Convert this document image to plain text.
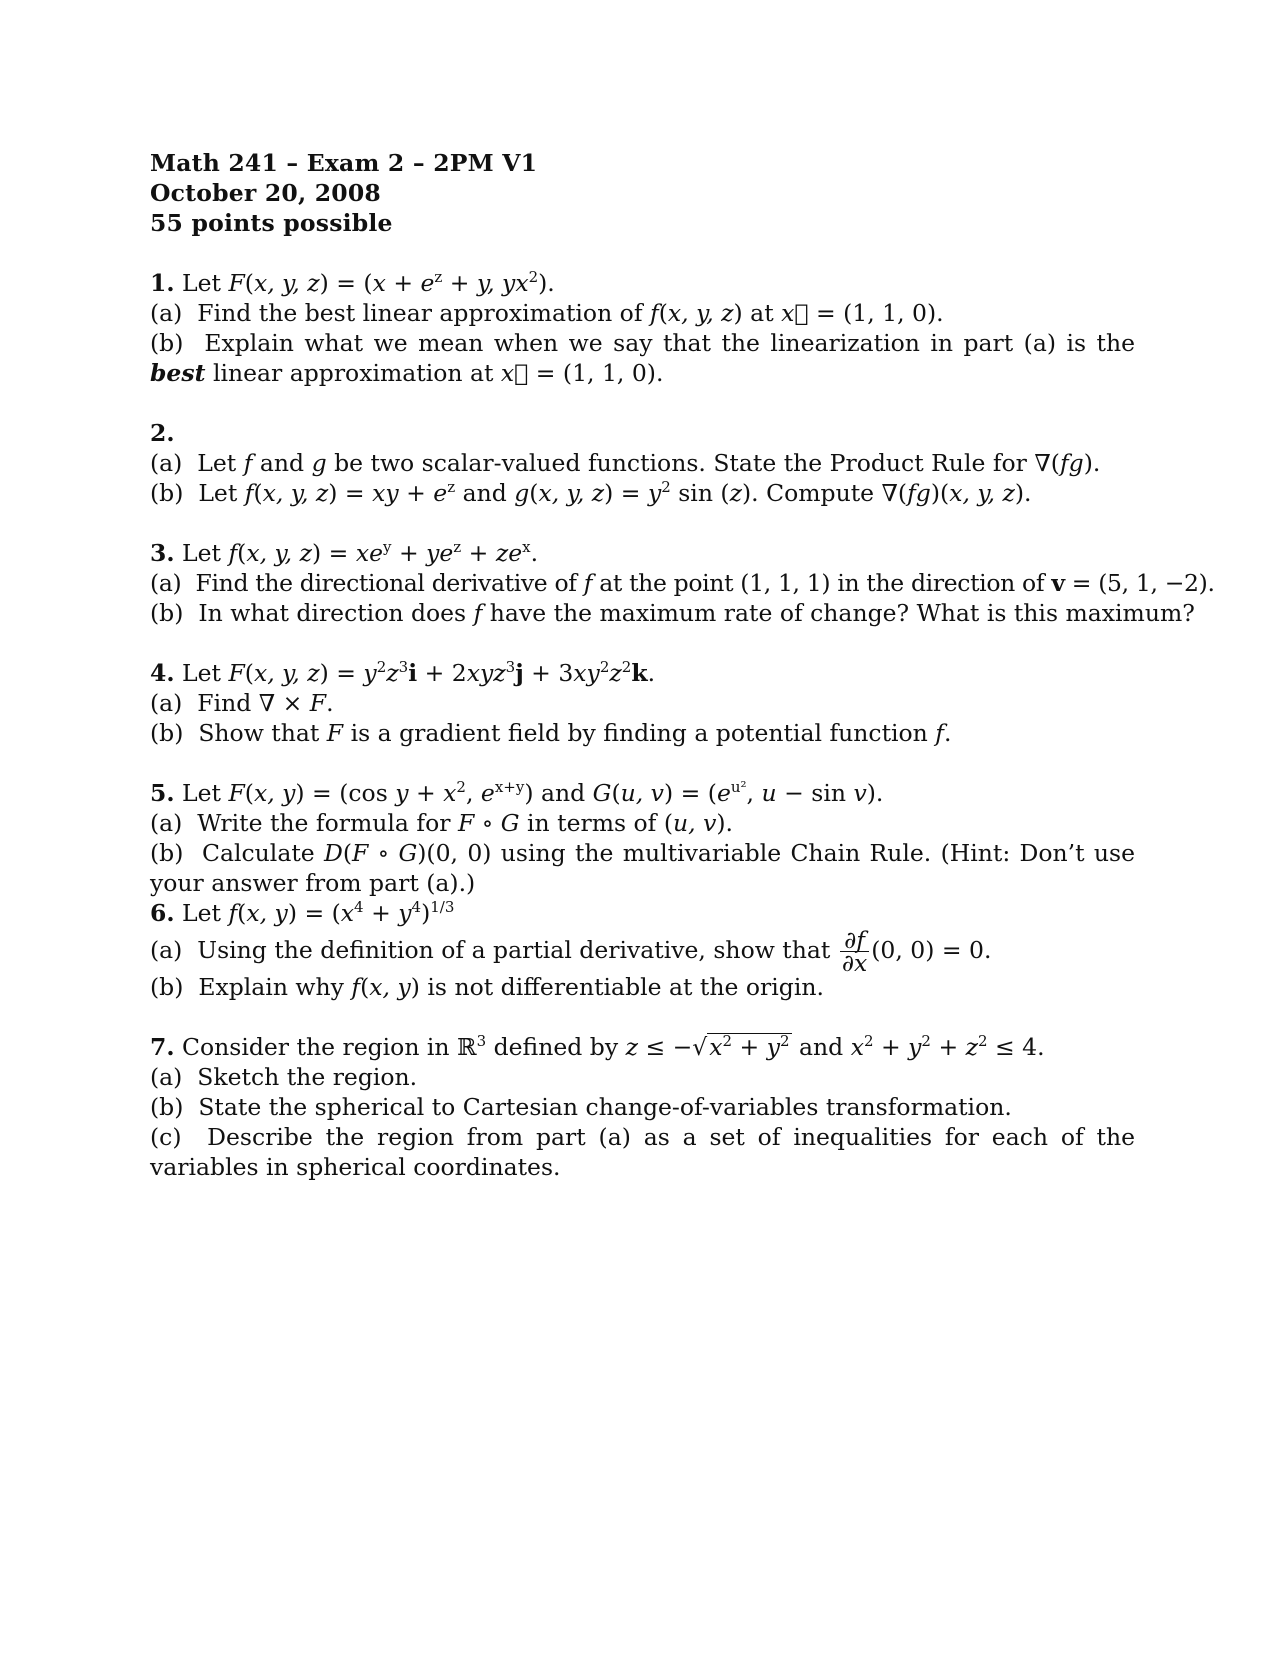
Math 241 – Exam 2 – 2PM V1
October 20, 2008
55 points possible
1. Let F(x, y, $z) = (x + e^z + y$, $yx^2$).
(a)  Find the best linear approximation of f(x, y, z) at x⃗ = (1, 1, 0).
(b)  Explain what we mean when we say that the linearization in part (a) is the best linear approximation at x⃗ = (1, 1, 0).
2.
(a)  Let f and g be two scalar-valued functions. State the Product Rule for ∇(fg).
(b)  Let f(x, y, z) = xy + $e^z$ and g(x, y, $z) = y^2$ sin (z). Compute ∇(fg)(x, y, z).
3. Let f(x, y, $z) = xe^y + ye^z + ze^x$.
(a)  Find the directional derivative of f at the point (1, 1, 1) in the direction of v = (5, 1, −2).
(b)  In what direction does f have the maximum rate of change? What is this maximum?
4. Let F(x, y, $z) = y^2z^3i + 2xyz^3j + 3xy^2z^2k$.
(a)  Find ∇ × F.
(b)  Show that F is a gradient field by finding a potential function f.
5. Let F(x, y) = (cos $y + x^2$, $e^{x+y}$) and G(u, $v) = (e^{u^2}$, u − sin v).
(a)  Write the formula for F ∘ G in terms of (u, v).
(b)  Calculate D(F ∘ G)(0, 0) using the multivariable Chain Rule. (Hint: Don’t use your answer from part (a).)
6. Let f(x, $y) = (x^4 + y^4)^{1/3}$
(a)  Using the definition of a partial derivative, show that $\frac{\partial f}{\partial x} (0$, 0) = 0.
(b)  Explain why f(x, y) is not differentiable at the origin.
7. Consider the region in ℝ$^3$ defined by $z \le -√x^2 + y^2$ and $x^2 + y^2 + z^2 \le 4$.
(a)  Sketch the region.
(b)  State the spherical to Cartesian change-of-variables transformation.
(c)  Describe the region from part (a) as a set of inequalities for each of the variables in spherical coordinates.
